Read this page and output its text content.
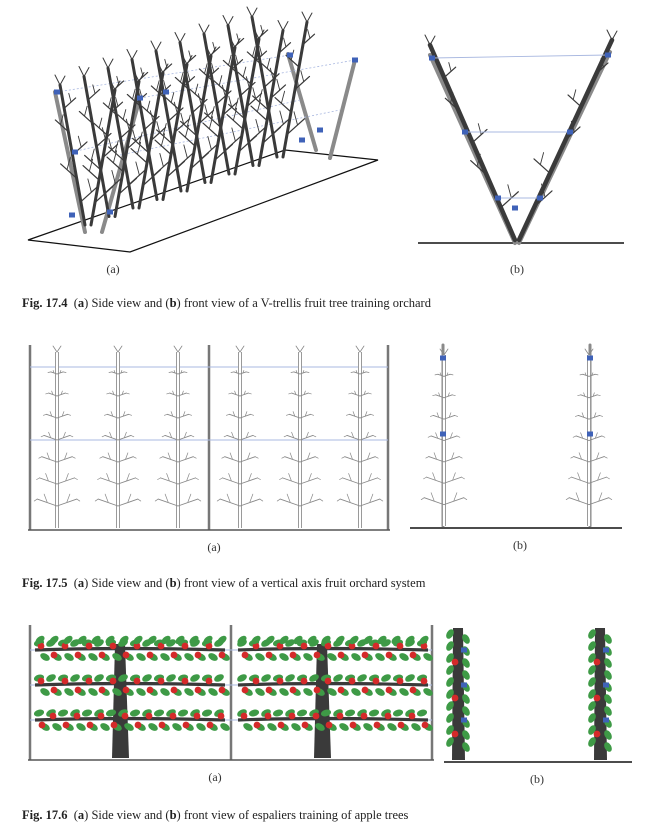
(a)	(b)
Fig. 17.4  (a) Side view and (b) front view of a V-trellis fruit tree training orchard
(a)	(b)
Fig. 17.5  (a) Side view and (b) front view of a vertical axis fruit orchard system
(a)	(b)
Fig. 17.6  (a) Side view and (b) front view of espaliers training of apple trees
